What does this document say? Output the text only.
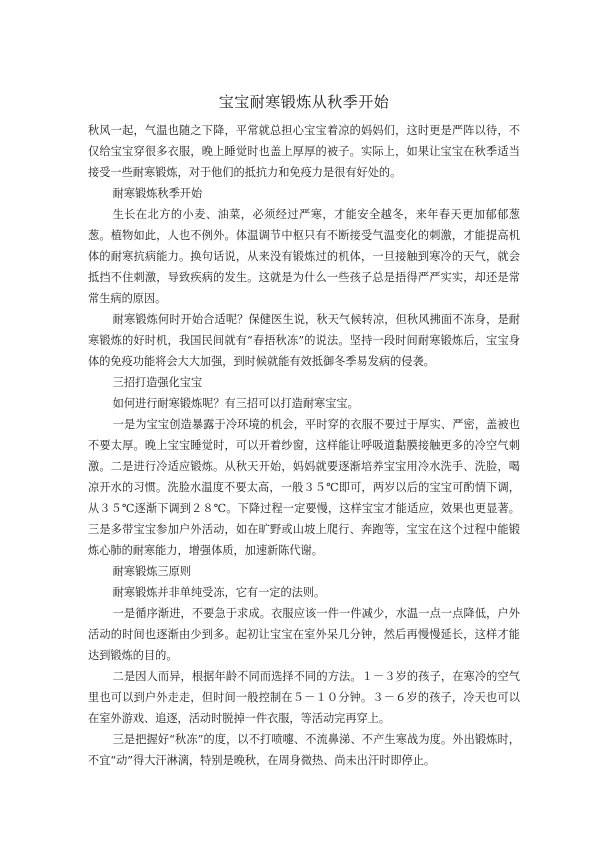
宝宝耐寒锻炼从秋季开始

秋风一起，气温也随之下降，平常就总担心宝宝着凉的妈妈们，这时更是严阵以待，不仅给宝宝穿很多衣服，晚上睡觉时也盖上厚厚的被子。实际上，如果让宝宝在秋季适当接受一些耐寒锻炼，对于他们的抵抗力和免疫力是很有好处的。

耐寒锻炼秋季开始

生长在北方的小麦、油菜，必须经过严寒，才能安全越冬，来年春天更加郁郁葱葱。植物如此，人也不例外。体温调节中枢只有不断接受气温变化的刺激，才能提高机体的耐寒抗病能力。换句话说，从来没有锻炼过的机体，一旦接触到寒冷的天气，就会抵挡不住刺激，导致疾病的发生。这就是为什么一些孩子总是捂得严严实实，却还是常常生病的原因。

耐寒锻炼何时开始合适呢？保健医生说，秋天气候转凉，但秋风拂面不冻身，是耐寒锻炼的好时机，我国民间就有“春捂秋冻”的说法。坚持一段时间耐寒锻炼后，宝宝身体的免疫功能将会大大加强，到时候就能有效抵御冬季易发病的侵袭。

三招打造强化宝宝

如何进行耐寒锻炼呢？有三招可以打造耐寒宝宝。

一是为宝宝创造暴露于冷环境的机会，平时穿的衣服不要过于厚实、严密，盖被也不要太厚。晚上宝宝睡觉时，可以开着纱窗，这样能让呼吸道黏膜接触更多的冷空气刺激。二是进行冷适应锻炼。从秋天开始，妈妈就要逐渐培养宝宝用冷水洗手、洗脸，喝凉开水的习惯。洗脸水温度不要太高，一般３５℃即可，两岁以后的宝宝可酌情下调，从３５℃逐渐下调到２８℃。下降过程一定要慢，这样宝宝才能适应，效果也更显著。三是多带宝宝参加户外活动，如在旷野或山坡上爬行、奔跑等，宝宝在这个过程中能锻炼心肺的耐寒能力，增强体质，加速新陈代谢。

耐寒锻炼三原则

耐寒锻炼并非单纯受冻，它有一定的法则。

一是循序渐进，不要急于求成。衣服应该一件一件减少，水温一点一点降低，户外活动的时间也逐渐由少到多。起初让宝宝在室外呆几分钟，然后再慢慢延长，这样才能达到锻炼的目的。

二是因人而异，根据年龄不同而选择不同的方法。１－３岁的孩子，在寒冷的空气里也可以到户外走走，但时间一般控制在５－１０分钟。３－６岁的孩子，冷天也可以在室外游戏、追逐，活动时脱掉一件衣服，等活动完再穿上。

三是把握好“秋冻”的度，以不打喷嚏、不流鼻涕、不产生寒战为度。外出锻炼时，不宜“动”得大汗淋漓，特别是晚秋，在周身微热、尚未出汗时即停止。
